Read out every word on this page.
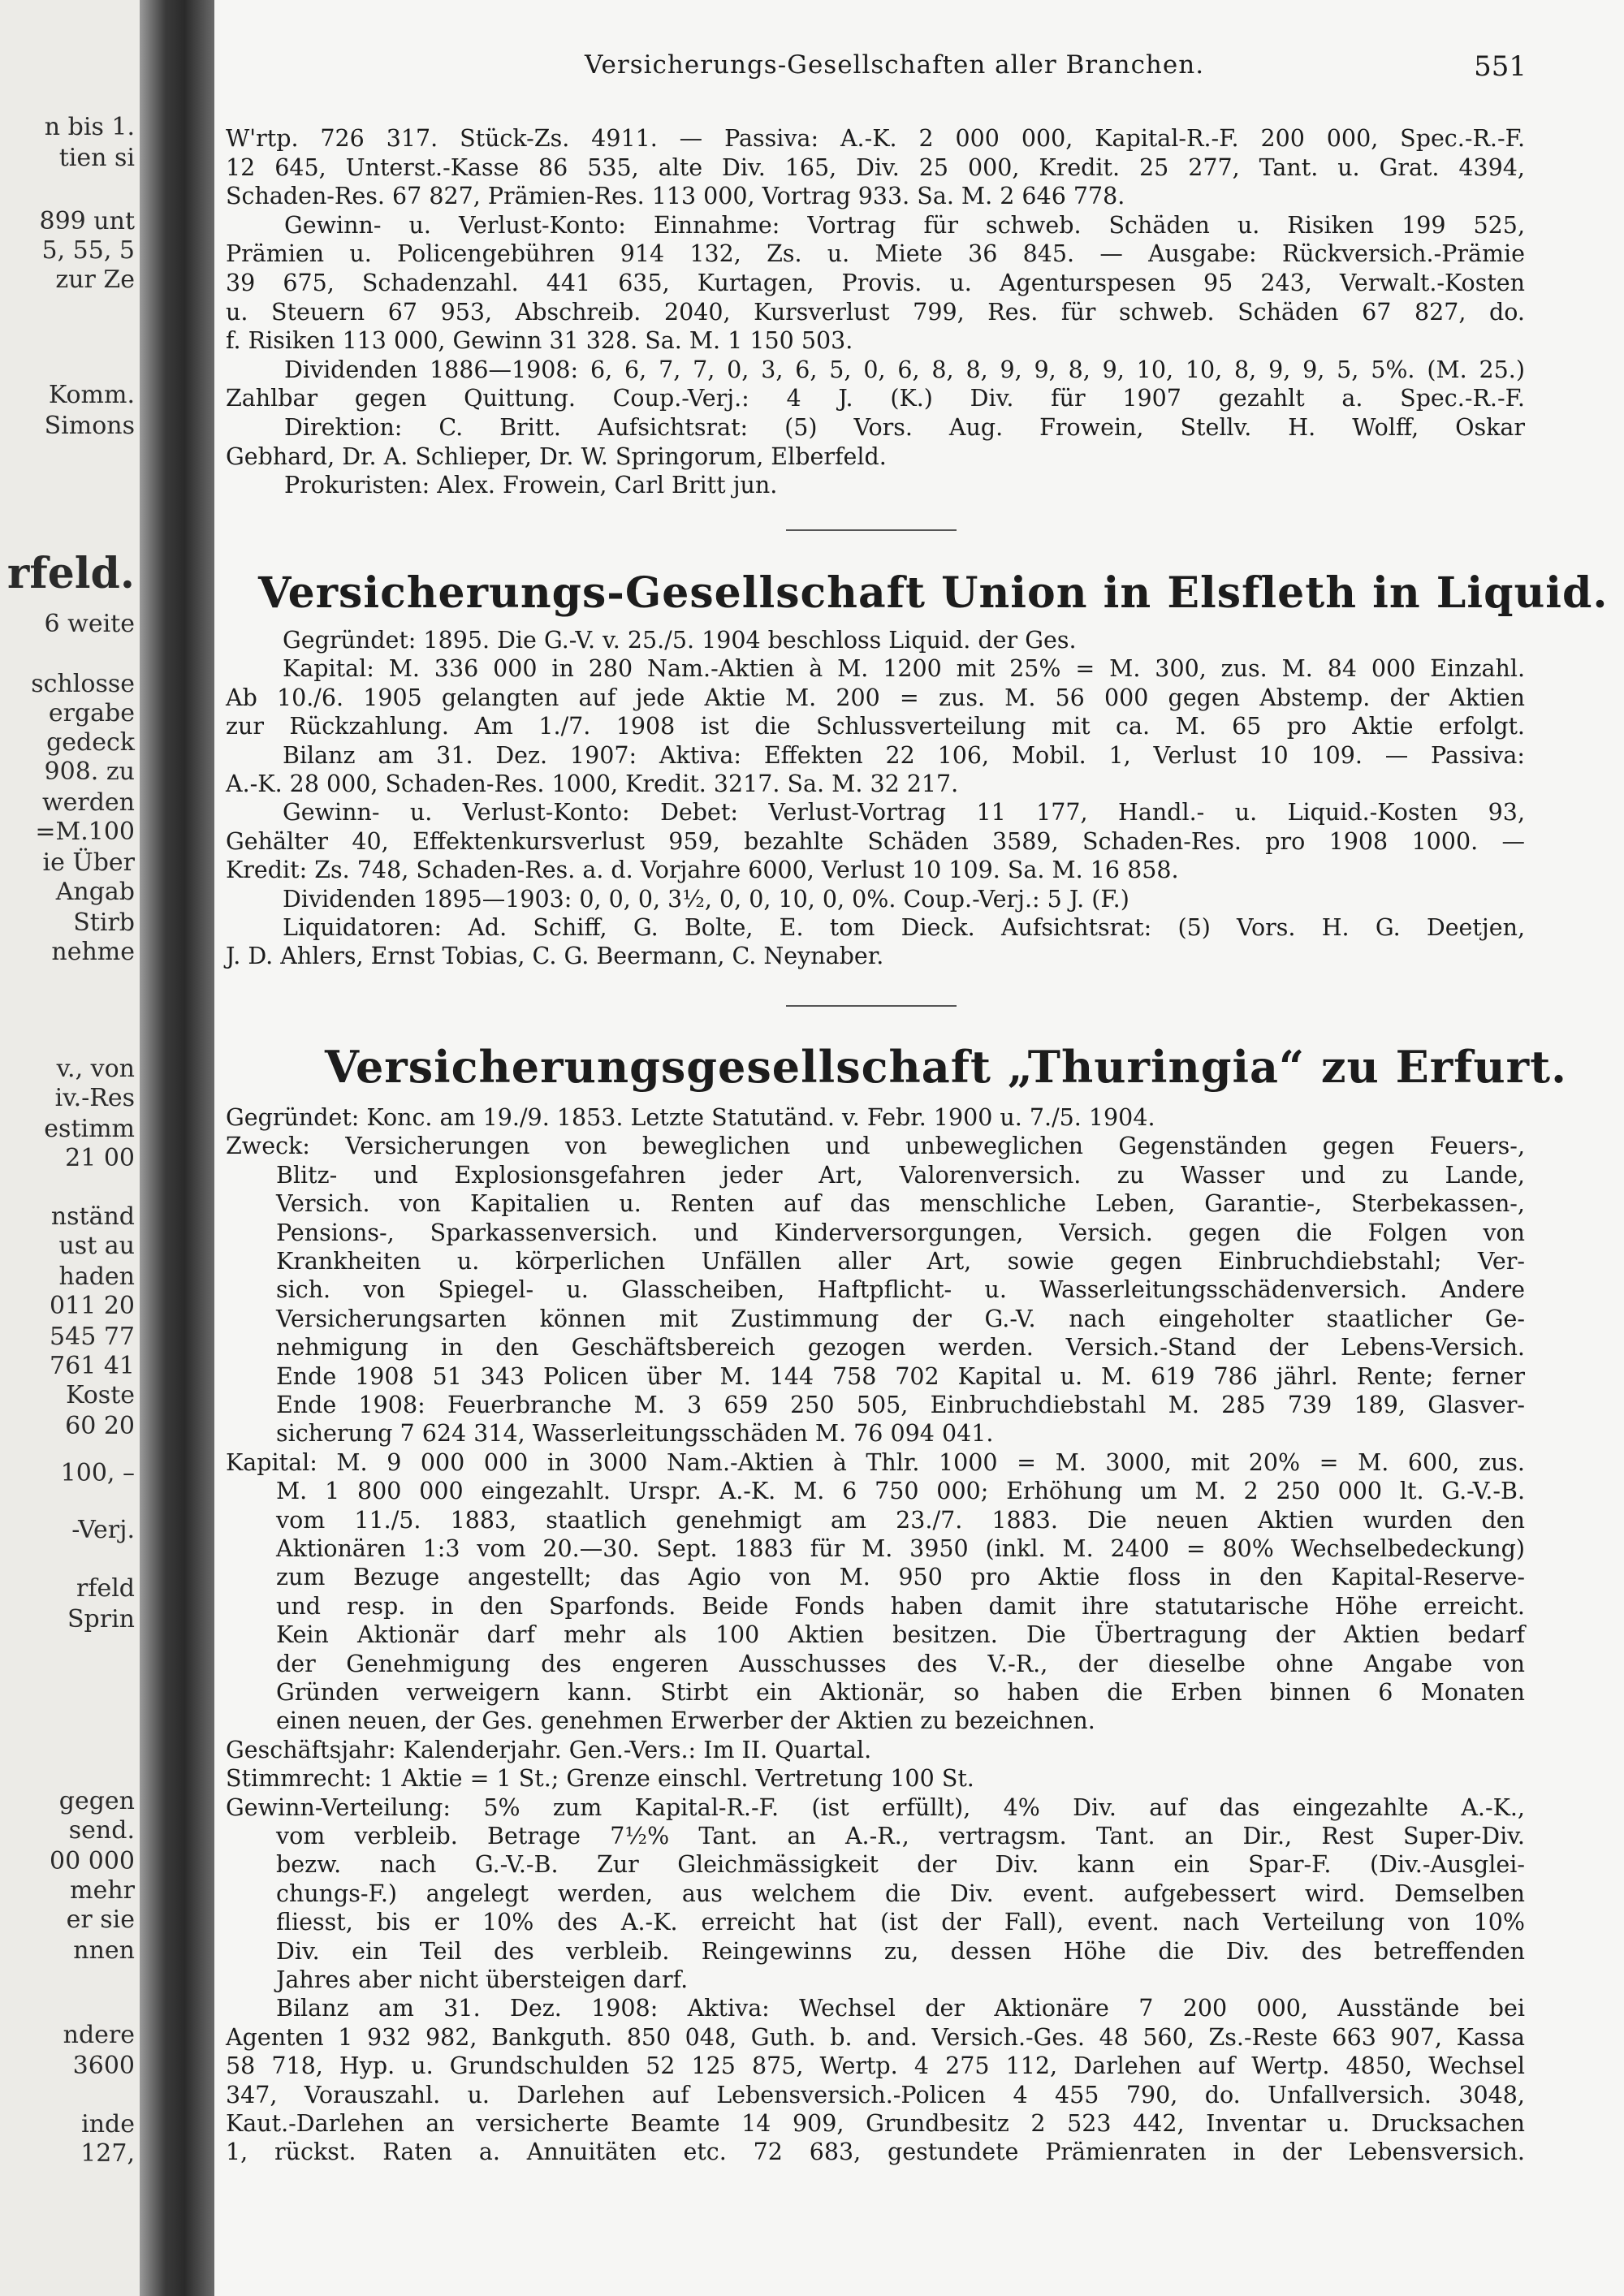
n bis 1.
tien si
899 unt
5, 55, 5
zur Ze
Komm.
Simons
rfeld.
6 weite
schlosse
ergabe
gedeck
908. zu
werden
=M.100
ie Über
Angab
Stirb
nehme
v., von
iv.-Res
estimm
21 00
nständ
ust au
haden
011 20
545 77
761 41
Koste
60 20
100, –
-Verj.
rfeld
Sprin
gegen
send.
00 000
mehr
er sie
nnen
ndere
3600
inde
127,
Versicherungs-Gesellschaften aller Branchen.	551
W'rtp. 726 317. Stück-Zs. 4911. — Passiva: A.-K. 2 000 000, Kapital-R.-F. 200 000, Spec.-R.-F.
12 645, Unterst.-Kasse 86 535, alte Div. 165, Div. 25 000, Kredit. 25 277, Tant. u. Grat. 4394,
Schaden-Res. 67 827, Prämien-Res. 113 000, Vortrag 933. Sa. M. 2 646 778.
Gewinn- u. Verlust-Konto: Einnahme: Vortrag für schweb. Schäden u. Risiken 199 525,
Prämien u. Policengebühren 914 132, Zs. u. Miete 36 845. — Ausgabe: Rückversich.-Prämie
39 675, Schadenzahl. 441 635, Kurtagen, Provis. u. Agenturspesen 95 243, Verwalt.-Kosten
u. Steuern 67 953, Abschreib. 2040, Kursverlust 799, Res. für schweb. Schäden 67 827, do.
f. Risiken 113 000, Gewinn 31 328. Sa. M. 1 150 503.
Dividenden 1886—1908: 6, 6, 7, 7, 0, 3, 6, 5, 0, 6, 8, 8, 9, 9, 8, 9, 10, 10, 8, 9, 9, 5, 5%. (M. 25.)
Zahlbar gegen Quittung. Coup.-Verj.: 4 J. (K.) Div. für 1907 gezahlt a. Spec.-R.-F.
Direktion: C. Britt. Aufsichtsrat: (5) Vors. Aug. Frowein, Stellv. H. Wolff, Oskar
Gebhard, Dr. A. Schlieper, Dr. W. Springorum, Elberfeld.
Prokuristen: Alex. Frowein, Carl Britt jun.
Versicherungs-Gesellschaft Union in Elsfleth in Liquid.
Gegründet: 1895. Die G.-V. v. 25./5. 1904 beschloss Liquid. der Ges.
Kapital: M. 336 000 in 280 Nam.-Aktien à M. 1200 mit 25% = M. 300, zus. M. 84 000 Einzahl.
Ab 10./6. 1905 gelangten auf jede Aktie M. 200 = zus. M. 56 000 gegen Abstemp. der Aktien
zur Rückzahlung. Am 1./7. 1908 ist die Schlussverteilung mit ca. M. 65 pro Aktie erfolgt.
Bilanz am 31. Dez. 1907: Aktiva: Effekten 22 106, Mobil. 1, Verlust 10 109. — Passiva:
A.-K. 28 000, Schaden-Res. 1000, Kredit. 3217. Sa. M. 32 217.
Gewinn- u. Verlust-Konto: Debet: Verlust-Vortrag 11 177, Handl.- u. Liquid.-Kosten 93,
Gehälter 40, Effektenkursverlust 959, bezahlte Schäden 3589, Schaden-Res. pro 1908 1000. —
Kredit: Zs. 748, Schaden-Res. a. d. Vorjahre 6000, Verlust 10 109. Sa. M. 16 858.
Dividenden 1895—1903: 0, 0, 0, 3½, 0, 0, 10, 0, 0%. Coup.-Verj.: 5 J. (F.)
Liquidatoren: Ad. Schiff, G. Bolte, E. tom Dieck. Aufsichtsrat: (5) Vors. H. G. Deetjen,
J. D. Ahlers, Ernst Tobias, C. G. Beermann, C. Neynaber.
Versicherungsgesellschaft „Thuringia“ zu Erfurt.
Gegründet: Konc. am 19./9. 1853. Letzte Statutänd. v. Febr. 1900 u. 7./5. 1904.
Zweck: Versicherungen von beweglichen und unbeweglichen Gegenständen gegen Feuers-,
Blitz- und Explosionsgefahren jeder Art, Valorenversich. zu Wasser und zu Lande,
Versich. von Kapitalien u. Renten auf das menschliche Leben, Garantie-, Sterbekassen-,
Pensions-, Sparkassenversich. und Kinderversorgungen, Versich. gegen die Folgen von
Krankheiten u. körperlichen Unfällen aller Art, sowie gegen Einbruchdiebstahl; Ver-
sich. von Spiegel- u. Glasscheiben, Haftpflicht- u. Wasserleitungsschädenversich. Andere
Versicherungsarten können mit Zustimmung der G.-V. nach eingeholter staatlicher Ge-
nehmigung in den Geschäftsbereich gezogen werden. Versich.-Stand der Lebens-Versich.
Ende 1908 51 343 Policen über M. 144 758 702 Kapital u. M. 619 786 jährl. Rente; ferner
Ende 1908: Feuerbranche M. 3 659 250 505, Einbruchdiebstahl M. 285 739 189, Glasver-
sicherung 7 624 314, Wasserleitungsschäden M. 76 094 041.
Kapital: M. 9 000 000 in 3000 Nam.-Aktien à Thlr. 1000 = M. 3000, mit 20% = M. 600, zus.
M. 1 800 000 eingezahlt. Urspr. A.-K. M. 6 750 000; Erhöhung um M. 2 250 000 lt. G.-V.-B.
vom 11./5. 1883, staatlich genehmigt am 23./7. 1883. Die neuen Aktien wurden den
Aktionären 1:3 vom 20.—30. Sept. 1883 für M. 3950 (inkl. M. 2400 = 80% Wechselbedeckung)
zum Bezuge angestellt; das Agio von M. 950 pro Aktie floss in den Kapital-Reserve-
und resp. in den Sparfonds. Beide Fonds haben damit ihre statutarische Höhe erreicht.
Kein Aktionär darf mehr als 100 Aktien besitzen. Die Übertragung der Aktien bedarf
der Genehmigung des engeren Ausschusses des V.-R., der dieselbe ohne Angabe von
Gründen verweigern kann. Stirbt ein Aktionär, so haben die Erben binnen 6 Monaten
einen neuen, der Ges. genehmen Erwerber der Aktien zu bezeichnen.
Geschäftsjahr: Kalenderjahr. Gen.-Vers.: Im II. Quartal.
Stimmrecht: 1 Aktie = 1 St.; Grenze einschl. Vertretung 100 St.
Gewinn-Verteilung: 5% zum Kapital-R.-F. (ist erfüllt), 4% Div. auf das eingezahlte A.-K.,
vom verbleib. Betrage 7½% Tant. an A.-R., vertragsm. Tant. an Dir., Rest Super-Div.
bezw. nach G.-V.-B. Zur Gleichmässigkeit der Div. kann ein Spar-F. (Div.-Ausglei-
chungs-F.) angelegt werden, aus welchem die Div. event. aufgebessert wird. Demselben
fliesst, bis er 10% des A.-K. erreicht hat (ist der Fall), event. nach Verteilung von 10%
Div. ein Teil des verbleib. Reingewinns zu, dessen Höhe die Div. des betreffenden
Jahres aber nicht übersteigen darf.
Bilanz am 31. Dez. 1908: Aktiva: Wechsel der Aktionäre 7 200 000, Ausstände bei
Agenten 1 932 982, Bankguth. 850 048, Guth. b. and. Versich.-Ges. 48 560, Zs.-Reste 663 907, Kassa
58 718, Hyp. u. Grundschulden 52 125 875, Wertp. 4 275 112, Darlehen auf Wertp. 4850, Wechsel
347, Vorauszahl. u. Darlehen auf Lebensversich.-Policen 4 455 790, do. Unfallversich. 3048,
Kaut.-Darlehen an versicherte Beamte 14 909, Grundbesitz 2 523 442, Inventar u. Drucksachen
1, rückst. Raten a. Annuitäten etc. 72 683, gestundete Prämienraten in der Lebensversich.
